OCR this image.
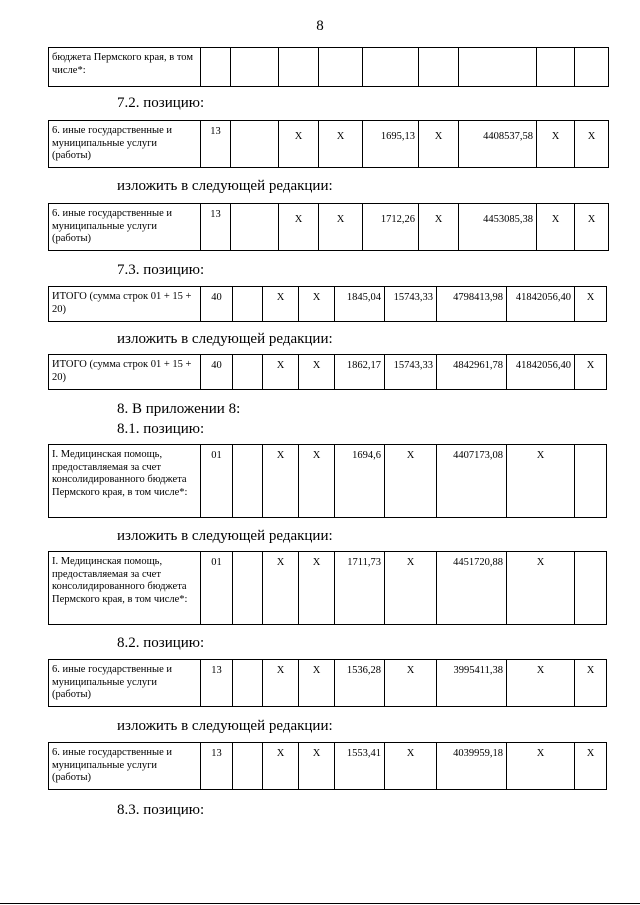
8
бюджета Пермского края, в том числе*:									
7.2. позицию:
6. иные государственные и муниципальные услуги (работы)	13		X	X	1695,13	X	4408537,58	X	X
изложить в следующей редакции:
6. иные государственные и муниципальные услуги (работы)	13		X	X	1712,26	X	4453085,38	X	X
7.3. позицию:
ИТОГО (сумма строк 01 + 15 + 20)	40		X	X	1845,04	15743,33	4798413,98	41842056,40	X
изложить в следующей редакции:
ИТОГО (сумма строк 01 + 15 + 20)	40		X	X	1862,17	15743,33	4842961,78	41842056,40	X
8. В приложении 8:
8.1. позицию:
I. Медицинская помощь, предоставляемая за счет консолидированного бюджета Пермского края, в том числе*:	01		X	X	1694,6	X	4407173,08	X	
изложить в следующей редакции:
I. Медицинская помощь, предоставляемая за счет консолидированного бюджета Пермского края, в том числе*:	01		X	X	1711,73	X	4451720,88	X	
8.2. позицию:
6. иные государственные и муниципальные услуги (работы)	13		X	X	1536,28	X	3995411,38	X	X
изложить в следующей редакции:
6. иные государственные и муниципальные услуги (работы)	13		X	X	1553,41	X	4039959,18	X	X
8.3. позицию:
